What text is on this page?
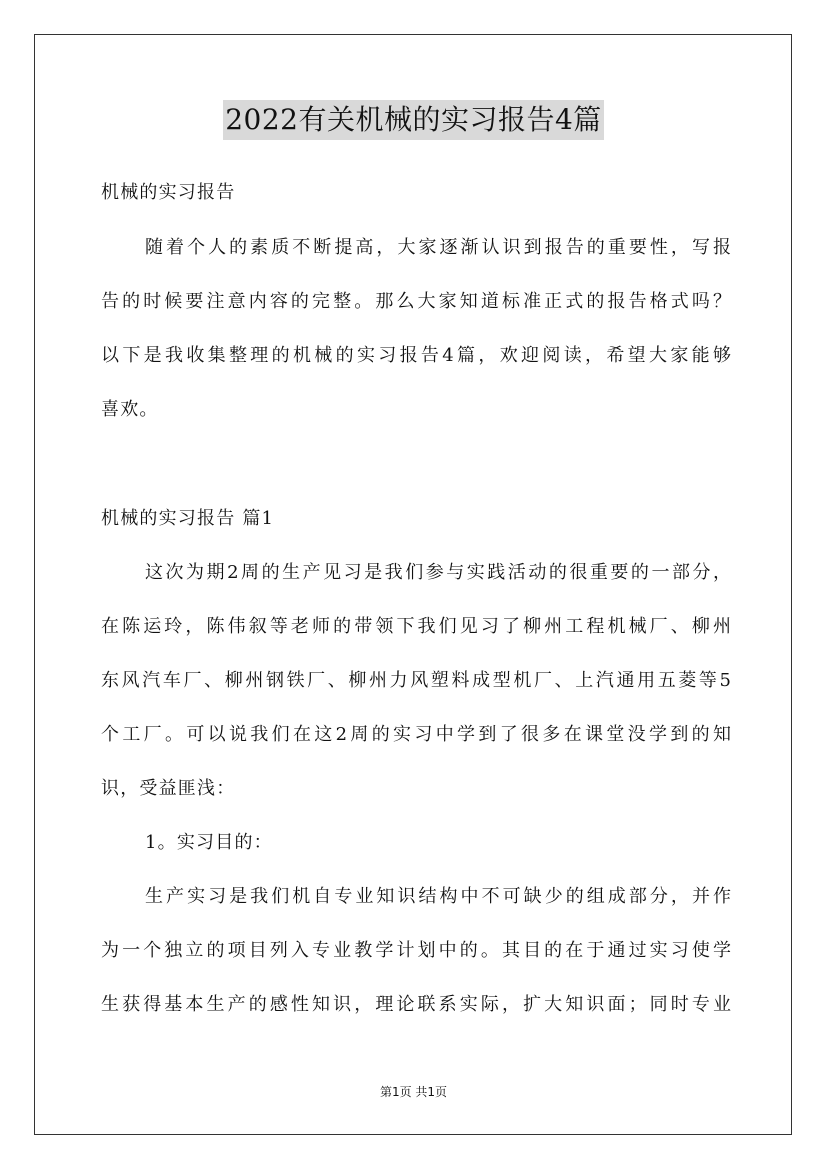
2022有关机械的实习报告4篇
机械的实习报告
随着个人的素质不断提高，大家逐渐认识到报告的重要性，写报
告的时候要注意内容的完整。那么大家知道标准正式的报告格式吗？
以下是我收集整理的机械的实习报告4篇，欢迎阅读，希望大家能够
喜欢。
机械的实习报告 篇1
这次为期2周的生产见习是我们参与实践活动的很重要的一部分，
在陈运玲，陈伟叙等老师的带领下我们见习了柳州工程机械厂、柳州
东风汽车厂、柳州钢铁厂、柳州力风塑料成型机厂、上汽通用五菱等5
个工厂。可以说我们在这2周的实习中学到了很多在课堂没学到的知
识，受益匪浅：
1。实习目的：
生产实习是我们机自专业知识结构中不可缺少的组成部分，并作
为一个独立的项目列入专业教学计划中的。其目的在于通过实习使学
生获得基本生产的感性知识，理论联系实际，扩大知识面；同时专业
第1页 共1页
